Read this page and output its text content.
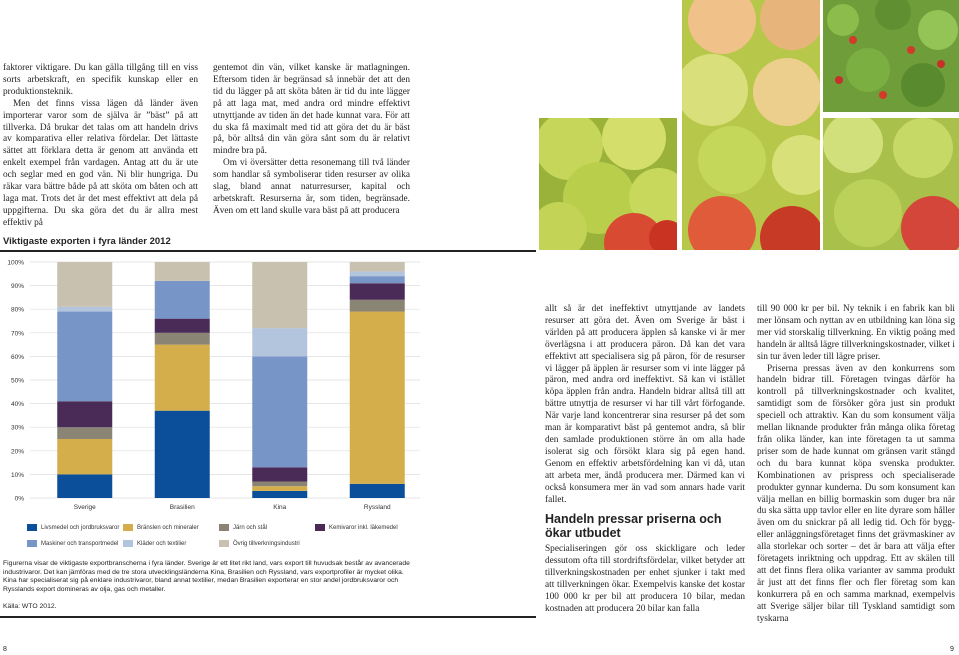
faktorer viktigare. Du kan gälla tillgång till en viss sorts arbetskraft, en specifik kunskap eller en produktionsteknik.

Men det finns vissa lägen då länder även importerar varor som de själva är ”bäst” på att tillverka. Då brukar det talas om att handeln drivs av komparativa eller relativa fördelar. Det lättaste sättet att förklara detta är genom att använda ett enkelt exempel från vardagen. Antag att du är ute och seglar med en god vän. Ni blir hungriga. Du räkar vara bättre både på att sköta om båten och att laga mat. Trots det är det mest effektivt att dela på uppgifterna. Du ska göra det du är allra mest effektiv på

gentemot din vän, vilket kanske är matlagningen. Eftersom tiden är begränsad så innebär det att den tid du lägger på att sköta båten är tid du inte lägger på att laga mat, med andra ord mindre effektivt utnyttjande av tiden än det hade kunnat vara. För att du ska få maximalt med tid att göra det du är bäst på, bör alltså din vän göra sånt som du är relativt mindre bra på.

Om vi översätter detta resonemang till två länder som handlar så symboliserar tiden resurser av olika slag, bland annat naturresurser, kapital och arbetskraft. Resurserna är, som tiden, begränsade. Även om ett land skulle vara bäst på att producera

Viktigaste exporten i fyra länder 2012
0%
10%
20%
30%
40%
50%
60%
70%
80%
90%
100%
Sverige	Brasilien	Kina	Ryssland
Livsmedel och jordbruksvaror	Bränslen och mineraler	Järn och stål	Kemivaror inkl. läkemedel
Maskiner och transportmedel	Kläder och textilier	Övrig tillverkningsindustri
Figurerna visar de viktigaste exportbranscherna i fyra länder. Sverige är ett litet rikt land, vars export till huvudsak består av avancerade industrivaror. Det kan jämföras med de tre stora utvecklingsländerna Kina, Brasilien och Ryssland, vars exportprofiler är mycket olika. Kina har specialiserat sig på enklare industrivaror, bland annat textilier, medan Brasilien exporterar en stor andel jordbruksvaror och Rysslands export domineras av olja, gas och metaller.
Källa: WTO 2012.

allt så är det ineffektivt utnyttjande av landets resurser att göra det. Även om Sverige är bäst i världen på att producera äpplen så kanske vi är mer överlägsna i att producera päron. Då kan det vara effektivt att specialisera sig på päron, för de resurser vi lägger på äpplen är resurser som vi inte lägger på päron, med andra ord ineffektivt. Så kan vi istället köpa äpplen från andra. Handeln bidrar alltså till att bättre utnyttja de resurser vi har till vårt förfogande. När varje land koncentrerar sina resurser på det som man är komparativt bäst på gentemot andra, så blir den samlade produktionen större än om alla hade isolerat sig och försökt klara sig på egen hand. Genom en effektiv arbetsfördelning kan vi då, utan att arbeta mer, ändå producera mer. Därmed kan vi också konsumera mer än vad som annars hade varit fallet.

Handeln pressar priserna och ökar utbudet

Specialiseringen gör oss skickligare och leder dessutom ofta till stordriftsfördelar, vilket betyder att tillverkningskostnaden per enhet sjunker i takt med att tillverkningen ökar. Exempelvis kanske det kostar 100 000 kr per bil att producera 10 bilar, medan kostnaden att producera 20 bilar kan falla

till 90 000 kr per bil. Ny teknik i en fabrik kan bli mer lönsam och nyttan av en utbildning kan löna sig mer vid storskalig tillverkning. En viktig poäng med handeln är alltså lägre tillverkningskostnader, vilket i sin tur även leder till lägre priser.

Priserna pressas även av den konkurrens som handeln bidrar till. Företagen tvingas därför ha kontroll på tillverkningskostnader och kvalitet, samtidigt som de försöker göra just sin produkt speciell och attraktiv. Kan du som konsument välja mellan liknande produkter från många olika företag från olika länder, kan inte företagen ta ut samma priser som de hade kunnat om gränsen varit stängd och du bara kunnat köpa svenska produkter. Kombinationen av prispress och specialiserade produkter gynnar kunderna. Du som konsument kan välja mellan en billig bormaskin som duger bra när du ska sätta upp tavlor eller en lite dyrare som håller även om du snickrar på all ledig tid. Och för bygg- eller anläggningsföretaget finns det grävmaskiner av alla storlekar och sorter – det är bara att välja efter företagets inriktning och uppdrag. Ett av skälen till att det finns flera olika varianter av samma produkt är just att det finns fler och fler företag som kan konkurrera på en och samma marknad, exempelvis att Sverige säljer bilar till Tyskland samtidigt som tyskarna

8	9
